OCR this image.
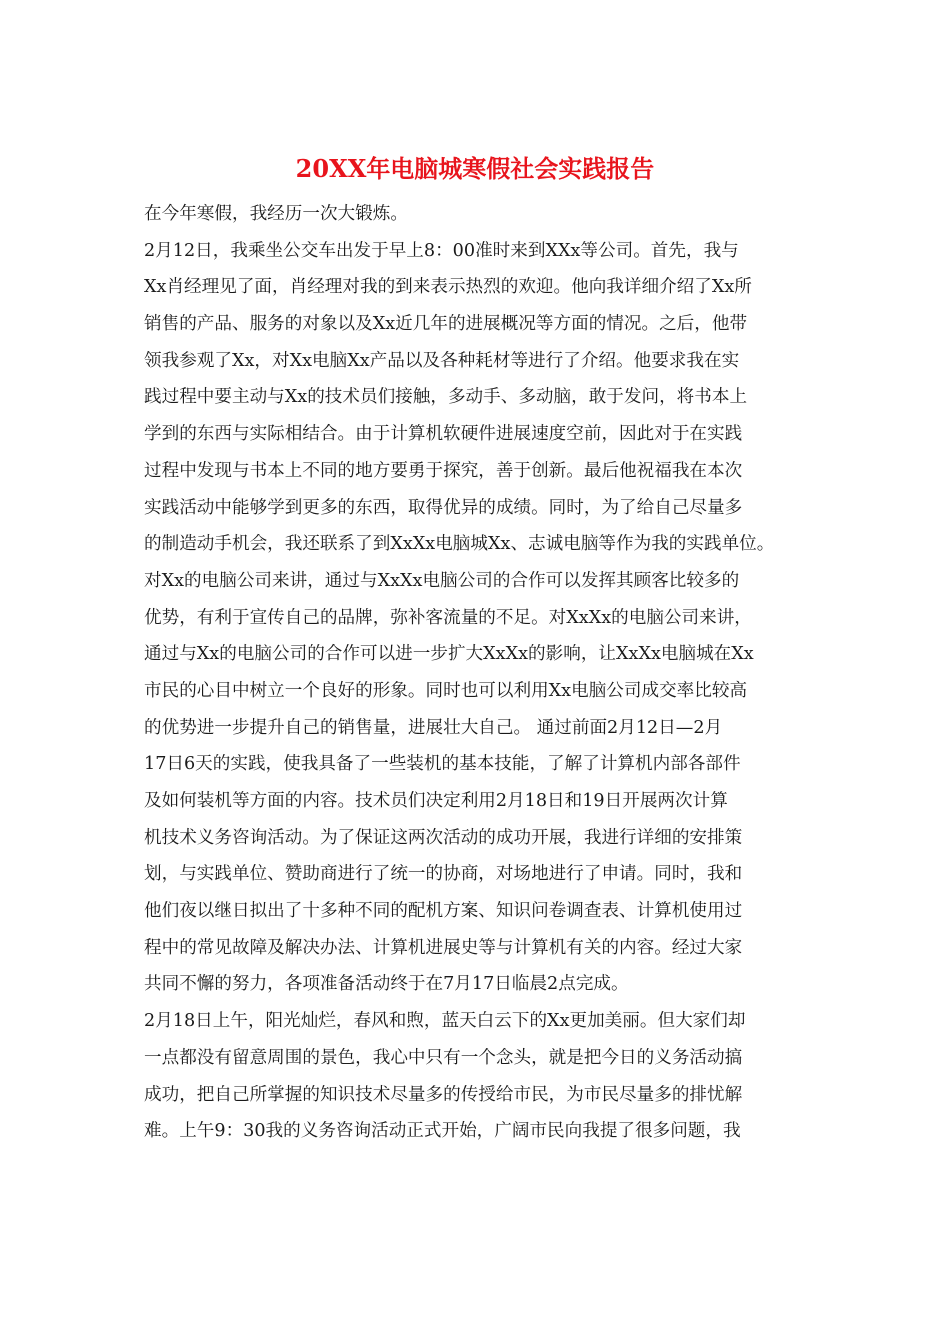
20XX年电脑城寒假社会实践报告
在今年寒假，我经历一次大锻炼。
2月12日，我乘坐公交车出发于早上8：00准时来到XXx等公司。首先，我与
Xx肖经理见了面，肖经理对我的到来表示热烈的欢迎。他向我详细介绍了Xx所
销售的产品、服务的对象以及Xx近几年的进展概况等方面的情况。之后，他带
领我参观了Xx，对Xx电脑Xx产品以及各种耗材等进行了介绍。他要求我在实
践过程中要主动与Xx的技术员们接触，多动手、多动脑，敢于发问，将书本上
学到的东西与实际相结合。由于计算机软硬件进展速度空前，因此对于在实践
过程中发现与书本上不同的地方要勇于探究，善于创新。最后他祝福我在本次
实践活动中能够学到更多的东西，取得优异的成绩。同时，为了给自己尽量多
的制造动手机会，我还联系了到XxXx电脑城Xx、志诚电脑等作为我的实践单位。
对Xx的电脑公司来讲，通过与XxXx电脑公司的合作可以发挥其顾客比较多的
优势，有利于宣传自己的品牌，弥补客流量的不足。对XxXx的电脑公司来讲，
通过与Xx的电脑公司的合作可以进一步扩大XxXx的影响，让XxXx电脑城在Xx
市民的心目中树立一个良好的形象。同时也可以利用Xx电脑公司成交率比较高
的优势进一步提升自己的销售量，进展壮大自己。 通过前面2月12日—2月
17日6天的实践，使我具备了一些装机的基本技能，了解了计算机内部各部件
及如何装机等方面的内容。技术员们决定利用2月18日和19日开展两次计算
机技术义务咨询活动。为了保证这两次活动的成功开展，我进行详细的安排策
划，与实践单位、赞助商进行了统一的协商，对场地进行了申请。同时，我和
他们夜以继日拟出了十多种不同的配机方案、知识问卷调查表、计算机使用过
程中的常见故障及解决办法、计算机进展史等与计算机有关的内容。经过大家
共同不懈的努力，各项准备活动终于在7月17日临晨2点完成。
2月18日上午，阳光灿烂，春风和煦，蓝天白云下的Xx更加美丽。但大家们却
一点都没有留意周围的景色，我心中只有一个念头，就是把今日的义务活动搞
成功，把自己所掌握的知识技术尽量多的传授给市民，为市民尽量多的排忧解
难。上午9：30我的义务咨询活动正式开始，广阔市民向我提了很多问题，我
